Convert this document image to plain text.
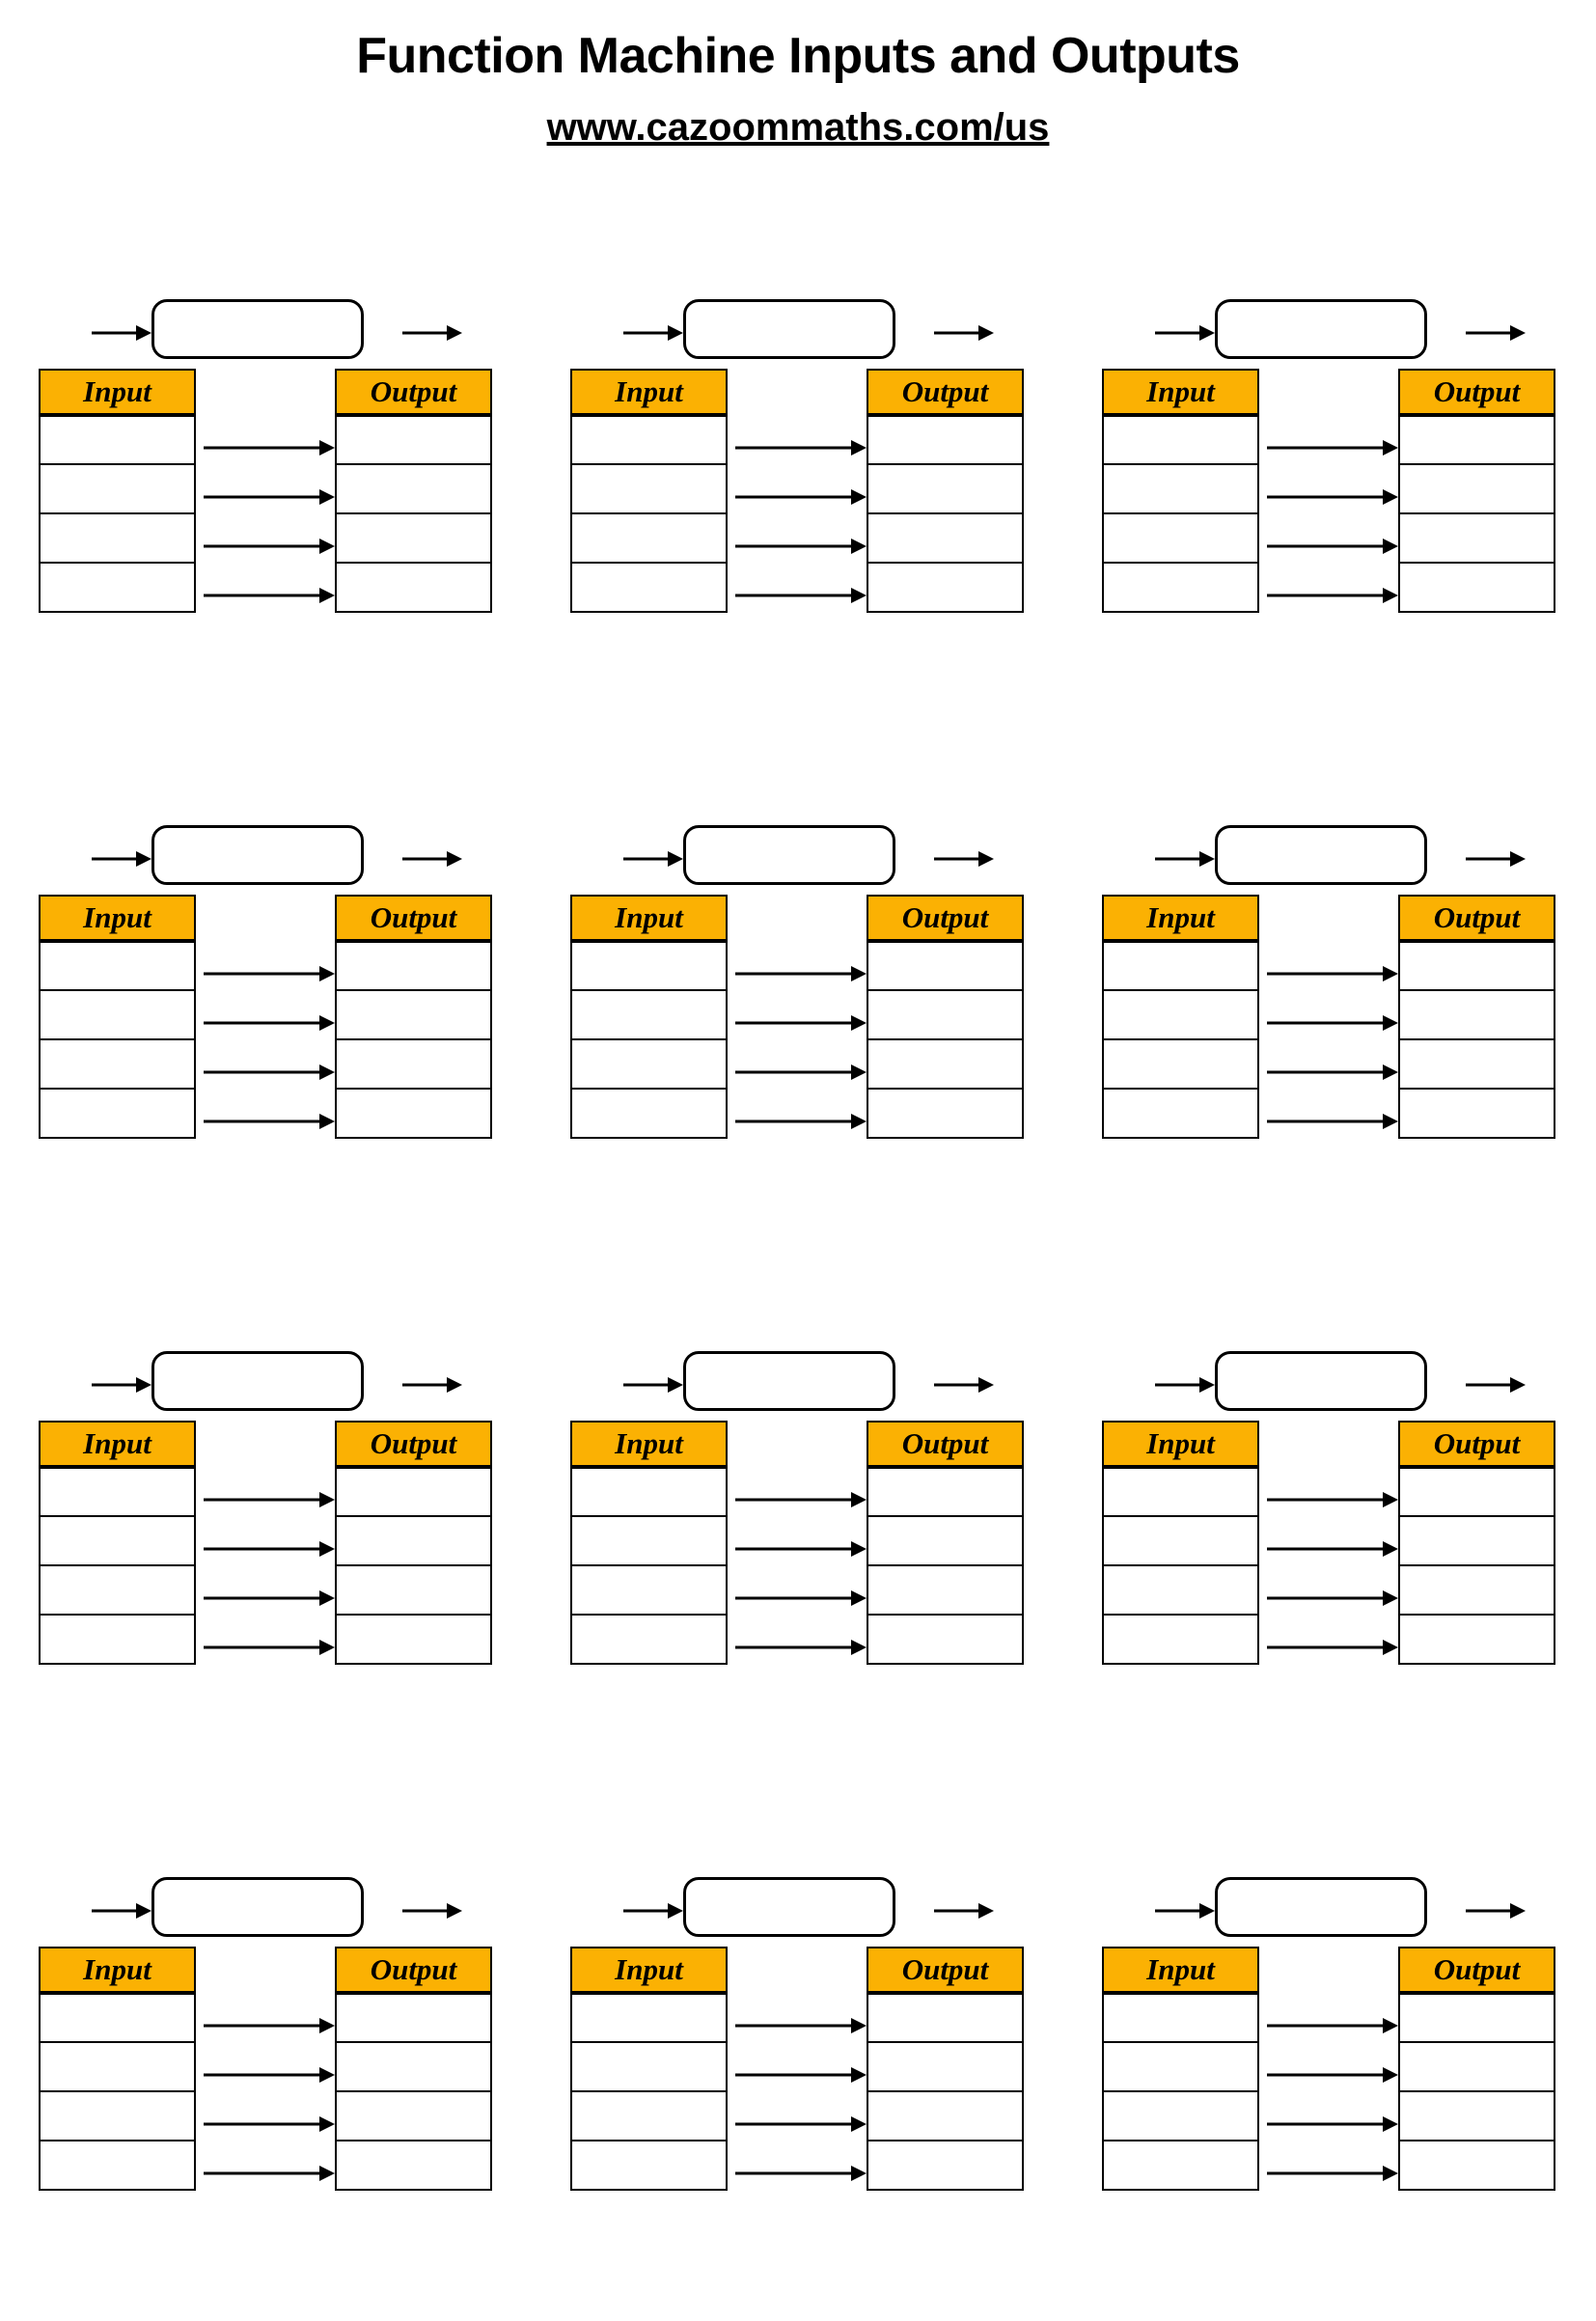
Function Machine Inputs and Outputs
www.cazoommaths.com/us
Input	Output	Input	Output	Input	Output

Input	Output	Input	Output	Input	Output

Input	Output	Input	Output	Input	Output

Input	Output	Input	Output	Input	Output
